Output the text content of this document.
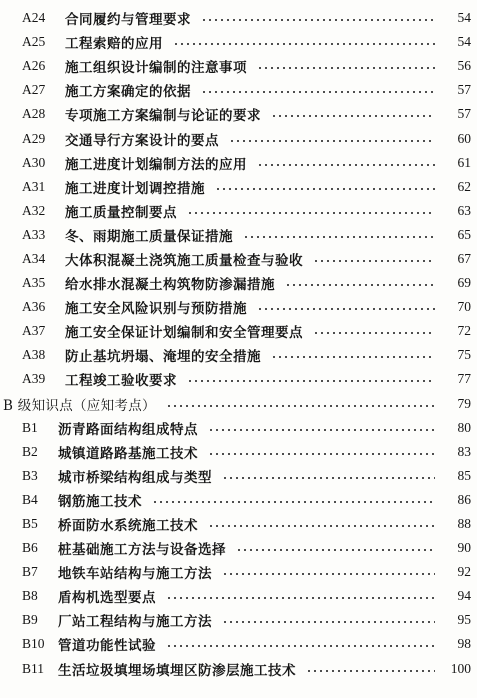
A24 合同履约与管理要求	54
A25 工程索赔的应用	54
A26 施工组织设计编制的注意事项	56
A27 施工方案确定的依据	57
A28 专项施工方案编制与论证的要求	57
A29 交通导行方案设计的要点	60
A30 施工进度计划编制方法的应用	61
A31 施工进度计划调控措施	62
A32 施工质量控制要点	63
A33 冬、雨期施工质量保证措施	65
A34 大体积混凝土浇筑施工质量检查与验收	67
A35 给水排水混凝土构筑物防渗漏措施	69
A36 施工安全风险识别与预防措施	70
A37 施工安全保证计划编制和安全管理要点	72
A38 防止基坑坍塌、淹埋的安全措施	75
A39 工程竣工验收要求	77
B 级知识点（应知考点）	79
B1 沥青路面结构组成特点	80
B2 城镇道路路基施工技术	83
B3 城市桥梁结构组成与类型	85
B4 钢筋施工技术	86
B5 桥面防水系统施工技术	88
B6 桩基础施工方法与设备选择	90
B7 地铁车站结构与施工方法	92
B8 盾构机选型要点	94
B9 厂站工程结构与施工方法	95
B10 管道功能性试验	98
B11 生活垃圾填埋场填埋区防渗层施工技术	100
